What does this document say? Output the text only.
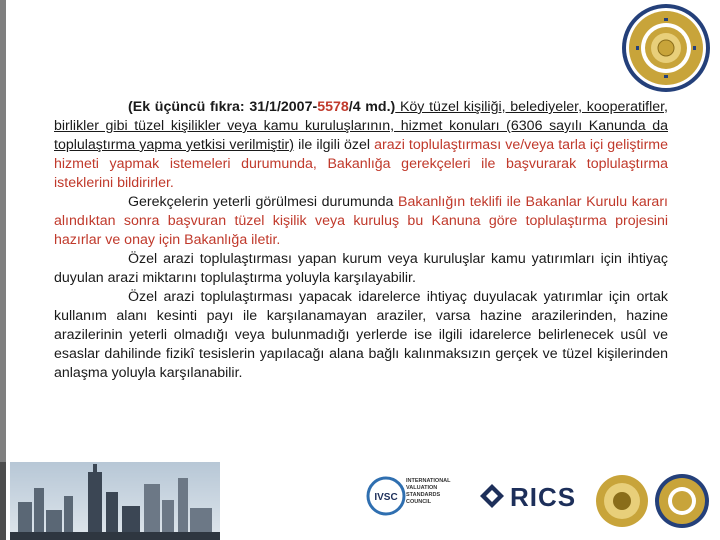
(Ek üçüncü fıkra: 31/1/2007-5578/4 md.) Köy tüzel kişiliği, belediyeler, kooperatifler, birlikler gibi tüzel kişilikler veya kamu kuruluşlarının, hizmet konuları (6306 sayılı Kanunda da toplulaştırma yapma yetkisi verilmiştir) ile ilgili özel arazi toplulaştırması ve/veya tarla içi geliştirme hizmeti yapmak istemeleri durumunda, Bakanlığa gerekçeleri ile başvurarak toplulaştırma isteklerini bildirirler.

Gerekçelerin yeterli görülmesi durumunda Bakanlığın teklifi ile Bakanlar Kurulu kararı alındıktan sonra başvuran tüzel kişilik veya kuruluş bu Kanuna göre toplulaştırma projesini hazırlar ve onay için Bakanlığa iletir.

Özel arazi toplulaştırması yapan kurum veya kuruluşlar kamu yatırımları için ihtiyaç duyulan arazi miktarını toplulaştırma yoluyla karşılayabilir.

Özel arazi toplulaştırması yapacak idarelerce ihtiyaç duyulacak yatırımlar için ortak kullanım alanı kesinti payı ile karşılanamayan araziler, varsa hazine arazilerinden, hazine arazilerinin yeterli olmadığı veya bulunmadığı yerlerde ise ilgili idarelerce belirlenecek usûl ve esaslar dahilinde fizikî tesislerin yapılacağı alana bağlı kalınmaksızın gerçek ve tüzel kişilerinden anlaşma yoluyla karşılanabilir.

IVSC
INTERNATIONAL VALUATION STANDARDS COUNCIL	RICS
